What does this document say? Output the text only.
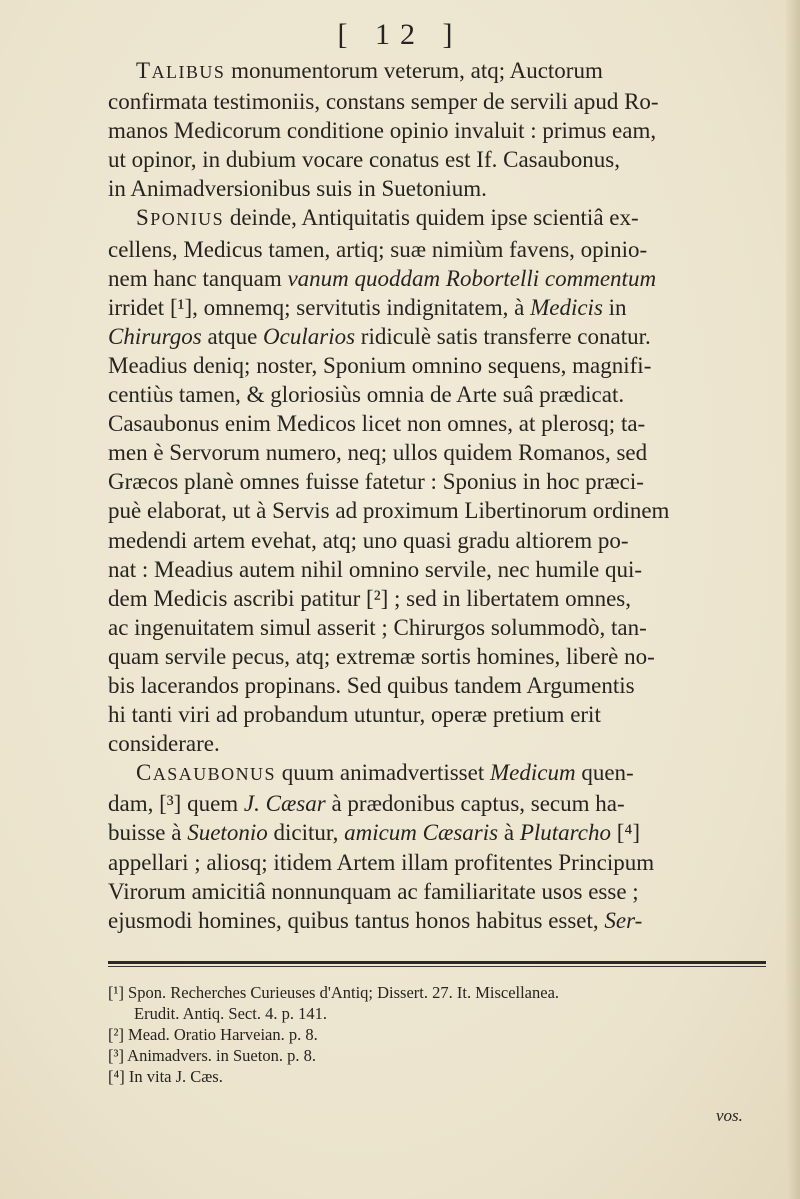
[ 12 ]
TALIBUS monumentorum veterum, atq; Auctorum
confirmata testimoniis, constans semper de servili apud Ro-
manos Medicorum conditione opinio invaluit : primus eam,
ut opinor, in dubium vocare conatus est If. Casaubonus,
in Animadversionibus suis in Suetonium.
SPONIUS deinde, Antiquitatis quidem ipse scientiâ ex-
cellens, Medicus tamen, artiq; suæ nimiùm favens, opinio-
nem hanc tanquam vanum quoddam Robortelli commentum
irridet [¹], omnemq; servitutis indignitatem, à Medicis in
Chirurgos atque Ocularios ridiculè satis transferre conatur.
Meadius deniq; noster, Sponium omnino sequens, magnifi-
centiùs tamen, & gloriosiùs omnia de Arte suâ prædicat.
Casaubonus enim Medicos licet non omnes, at plerosq; ta-
men è Servorum numero, neq; ullos quidem Romanos, sed
Græcos planè omnes fuisse fatetur : Sponius in hoc præci-
puè elaborat, ut à Servis ad proximum Libertinorum ordinem
medendi artem evehat, atq; uno quasi gradu altiorem po-
nat : Meadius autem nihil omnino servile, nec humile qui-
dem Medicis ascribi patitur [²] ; sed in libertatem omnes,
ac ingenuitatem simul asserit ; Chirurgos solummodò, tan-
quam servile pecus, atq; extremæ sortis homines, liberè no-
bis lacerandos propinans. Sed quibus tandem Argumentis
hi tanti viri ad probandum utuntur, operæ pretium erit
considerare.
CASAUBONUS quum animadvertisset Medicum quen-
dam, [³] quem J. Cæsar à prædonibus captus, secum ha-
buisse à Suetonio dicitur, amicum Cæsaris à Plutarcho [⁴]
appellari ; aliosq; itidem Artem illam profitentes Principum
Virorum amicitiâ nonnunquam ac familiaritate usos esse ;
ejusmodi homines, quibus tantus honos habitus esset, Ser-
[¹] Spon. Recherches Curieuses d'Antiq; Dissert. 27. It. Miscellanea.
Erudit. Antiq. Sect. 4. p. 141.
[²] Mead. Oratio Harveian. p. 8.
[³] Animadvers. in Sueton. p. 8.
[⁴] In vita J. Cæs.
vos.
